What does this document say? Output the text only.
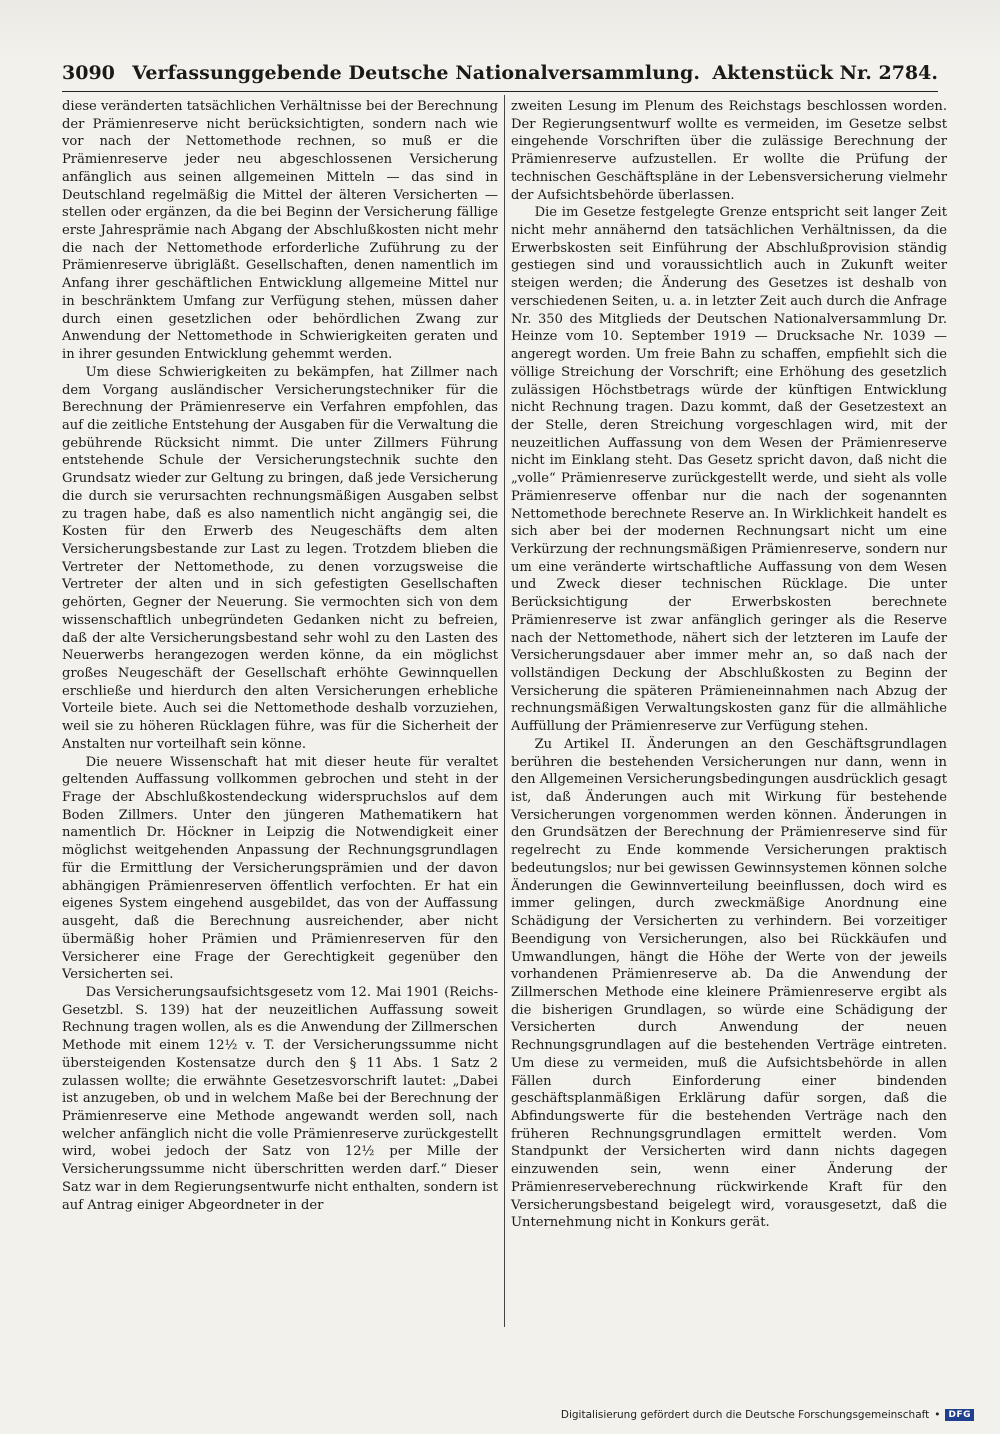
3090 Verfassunggebende Deutsche Nationalversammlung. Aktenstück Nr. 2784.

diese veränderten tatsächlichen Verhältnisse bei der Berechnung der Prämienreserve nicht berücksichtigten, sondern nach wie vor nach der Nettomethode rechnen, so muß er die Prämienreserve jeder neu abgeschlossenen Versicherung anfänglich aus seinen allgemeinen Mitteln — das sind in Deutschland regelmäßig die Mittel der älteren Versicherten — stellen oder ergänzen, da die bei Beginn der Versicherung fällige erste Jahresprämie nach Abgang der Abschlußkosten nicht mehr die nach der Nettomethode erforderliche Zuführung zu der Prämienreserve übrigläßt. Gesellschaften, denen namentlich im Anfang ihrer geschäftlichen Entwicklung allgemeine Mittel nur in beschränktem Umfang zur Verfügung stehen, müssen daher durch einen gesetzlichen oder behördlichen Zwang zur Anwendung der Nettomethode in Schwierigkeiten geraten und in ihrer gesunden Entwicklung gehemmt werden.

Um diese Schwierigkeiten zu bekämpfen, hat Zillmer nach dem Vorgang ausländischer Versicherungstechniker für die Berechnung der Prämienreserve ein Verfahren empfohlen, das auf die zeitliche Entstehung der Ausgaben für die Verwaltung die gebührende Rücksicht nimmt. Die unter Zillmers Führung entstehende Schule der Versicherungstechnik suchte den Grundsatz wieder zur Geltung zu bringen, daß jede Versicherung die durch sie verursachten rechnungsmäßigen Ausgaben selbst zu tragen habe, daß es also namentlich nicht angängig sei, die Kosten für den Erwerb des Neugeschäfts dem alten Versicherungsbestande zur Last zu legen. Trotzdem blieben die Vertreter der Nettomethode, zu denen vorzugsweise die Vertreter der alten und in sich gefestigten Gesellschaften gehörten, Gegner der Neuerung. Sie vermochten sich von dem wissenschaftlich unbegründeten Gedanken nicht zu befreien, daß der alte Versicherungsbestand sehr wohl zu den Lasten des Neuerwerbs herangezogen werden könne, da ein möglichst großes Neugeschäft der Gesellschaft erhöhte Gewinnquellen erschließe und hierdurch den alten Versicherungen erhebliche Vorteile biete. Auch sei die Nettomethode deshalb vorzuziehen, weil sie zu höheren Rücklagen führe, was für die Sicherheit der Anstalten nur vorteilhaft sein könne.

Die neuere Wissenschaft hat mit dieser heute für veraltet geltenden Auffassung vollkommen gebrochen und steht in der Frage der Abschlußkostendeckung widerspruchslos auf dem Boden Zillmers. Unter den jüngeren Mathematikern hat namentlich Dr. Höckner in Leipzig die Notwendigkeit einer möglichst weitgehenden Anpassung der Rechnungsgrundlagen für die Ermittlung der Versicherungsprämien und der davon abhängigen Prämienreserven öffentlich verfochten. Er hat ein eigenes System eingehend ausgebildet, das von der Auffassung ausgeht, daß die Berechnung ausreichender, aber nicht übermäßig hoher Prämien und Prämienreserven für den Versicherer eine Frage der Gerechtigkeit gegenüber den Versicherten sei.

Das Versicherungsaufsichtsgesetz vom 12. Mai 1901 (Reichs-Gesetzbl. S. 139) hat der neuzeitlichen Auffassung soweit Rechnung tragen wollen, als es die Anwendung der Zillmerschen Methode mit einem 12½ v. T. der Versicherungssumme nicht übersteigenden Kostensatze durch den § 11 Abs. 1 Satz 2 zulassen wollte; die erwähnte Gesetzesvorschrift lautet: „Dabei ist anzugeben, ob und in welchem Maße bei der Berechnung der Prämienreserve eine Methode angewandt werden soll, nach welcher anfänglich nicht die volle Prämienreserve zurückgestellt wird, wobei jedoch der Satz von 12½ per Mille der Versicherungssumme nicht überschritten werden darf.“ Dieser Satz war in dem Regierungsentwurfe nicht enthalten, sondern ist auf Antrag einiger Abgeordneter in der

zweiten Lesung im Plenum des Reichstags beschlossen worden. Der Regierungsentwurf wollte es vermeiden, im Gesetze selbst eingehende Vorschriften über die zulässige Berechnung der Prämienreserve aufzustellen. Er wollte die Prüfung der technischen Geschäftspläne in der Lebensversicherung vielmehr der Aufsichtsbehörde überlassen.

Die im Gesetze festgelegte Grenze entspricht seit langer Zeit nicht mehr annähernd den tatsächlichen Verhältnissen, da die Erwerbskosten seit Einführung der Abschlußprovision ständig gestiegen sind und voraussichtlich auch in Zukunft weiter steigen werden; die Änderung des Gesetzes ist deshalb von verschiedenen Seiten, u. a. in letzter Zeit auch durch die Anfrage Nr. 350 des Mitglieds der Deutschen Nationalversammlung Dr. Heinze vom 10. September 1919 — Drucksache Nr. 1039 — angeregt worden. Um freie Bahn zu schaffen, empfiehlt sich die völlige Streichung der Vorschrift; eine Erhöhung des gesetzlich zulässigen Höchstbetrags würde der künftigen Entwicklung nicht Rechnung tragen. Dazu kommt, daß der Gesetzestext an der Stelle, deren Streichung vorgeschlagen wird, mit der neuzeitlichen Auffassung von dem Wesen der Prämienreserve nicht im Einklang steht. Das Gesetz spricht davon, daß nicht die „volle“ Prämienreserve zurückgestellt werde, und sieht als volle Prämienreserve offenbar nur die nach der sogenannten Nettomethode berechnete Reserve an. In Wirklichkeit handelt es sich aber bei der modernen Rechnungsart nicht um eine Verkürzung der rechnungsmäßigen Prämienreserve, sondern nur um eine veränderte wirtschaftliche Auffassung von dem Wesen und Zweck dieser technischen Rücklage. Die unter Berücksichtigung der Erwerbskosten berechnete Prämienreserve ist zwar anfänglich geringer als die Reserve nach der Nettomethode, nähert sich der letzteren im Laufe der Versicherungsdauer aber immer mehr an, so daß nach der vollständigen Deckung der Abschlußkosten zu Beginn der Versicherung die späteren Prämieneinnahmen nach Abzug der rechnungsmäßigen Verwaltungskosten ganz für die allmähliche Auffüllung der Prämienreserve zur Verfügung stehen.

Zu Artikel II. Änderungen an den Geschäftsgrundlagen berühren die bestehenden Versicherungen nur dann, wenn in den Allgemeinen Versicherungsbedingungen ausdrücklich gesagt ist, daß Änderungen auch mit Wirkung für bestehende Versicherungen vorgenommen werden können. Änderungen in den Grundsätzen der Berechnung der Prämienreserve sind für regelrecht zu Ende kommende Versicherungen praktisch bedeutungslos; nur bei gewissen Gewinnsystemen können solche Änderungen die Gewinnverteilung beeinflussen, doch wird es immer gelingen, durch zweckmäßige Anordnung eine Schädigung der Versicherten zu verhindern. Bei vorzeitiger Beendigung von Versicherungen, also bei Rückkäufen und Umwandlungen, hängt die Höhe der Werte von der jeweils vorhandenen Prämienreserve ab. Da die Anwendung der Zillmerschen Methode eine kleinere Prämienreserve ergibt als die bisherigen Grundlagen, so würde eine Schädigung der Versicherten durch Anwendung der neuen Rechnungsgrundlagen auf die bestehenden Verträge eintreten. Um diese zu vermeiden, muß die Aufsichtsbehörde in allen Fällen durch Einforderung einer bindenden geschäftsplanmäßigen Erklärung dafür sorgen, daß die Abfindungswerte für die bestehenden Verträge nach den früheren Rechnungsgrundlagen ermittelt werden. Vom Standpunkt der Versicherten wird dann nichts dagegen einzuwenden sein, wenn einer Änderung der Prämienreserveberechnung rückwirkende Kraft für den Versicherungsbestand beigelegt wird, vorausgesetzt, daß die Unternehmung nicht in Konkurs gerät.

Digitalisierung gefördert durch die Deutsche Forschungsgemeinschaft • DFG
